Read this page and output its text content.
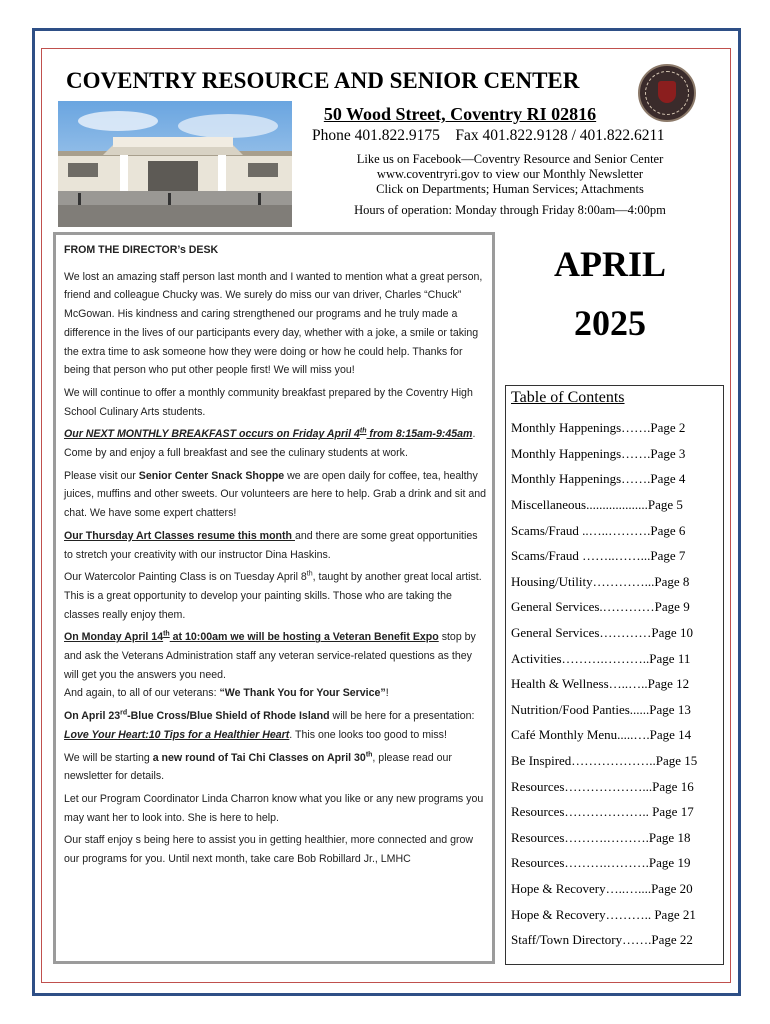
COVENTRY RESOURCE AND SENIOR CENTER
50 Wood Street, Coventry RI 02816
Phone 401.822.9175 Fax 401.822.9128 / 401.822.6211
Like us on Facebook—Coventry Resource and Senior Center
www.coventryri.gov to view our Monthly Newsletter
Click on Departments; Human Services; Attachments
Hours of operation: Monday through Friday 8:00am—4:00pm
FROM THE DIRECTOR’s DESK

We lost an amazing staff person last month and I wanted to mention what a great person, friend and colleague Chucky was. We surely do miss our van driver, Charles “Chuck” McGowan. His kindness and caring strengthened our programs and he truly made a difference in the lives of our participants every day, whether with a joke, a smile or taking the extra time to ask someone how they were doing or how he could help. Thanks for being that person who put other people first! We will miss you!

We will continue to offer a monthly community breakfast prepared by the Coventry High School Culinary Arts students.

Our NEXT MONTHLY BREAKFAST occurs on Friday April 4th from 8:15am-9:45am. Come by and enjoy a full breakfast and see the culinary students at work.

Please visit our Senior Center Snack Shoppe we are open daily for coffee, tea, healthy juices, muffins and other sweets. Our volunteers are here to help. Grab a drink and sit and chat. We have some expert chatters!

Our Thursday Art Classes resume this month and there are some great opportunities to stretch your creativity with our instructor Dina Haskins.

Our Watercolor Painting Class is on Tuesday April 8th, taught by another great local artist. This is a great opportunity to develop your painting skills. Those who are taking the classes really enjoy them.

On Monday April 14th at 10:00am we will be hosting a Veteran Benefit Expo stop by and ask the Veterans Administration staff any veteran service-related questions as they will get you the answers you need.

And again, to all of our veterans: “We Thank You for Your Service”!

On April 23rd-Blue Cross/Blue Shield of Rhode Island will be here for a presentation: Love Your Heart:10 Tips for a Healthier Heart. This one looks too good to miss!

We will be starting a new round of Tai Chi Classes on April 30th, please read our newsletter for details.

Let our Program Coordinator Linda Charron know what you like or any new programs you may want her to look into. She is here to help.

Our staff enjoy s being here to assist you in getting healthier, more connected and grow our programs for you. Until next month, take care Bob Robillard Jr., LMHC

APRIL
2025
Table of Contents
Monthly Happenings…….Page 2
Monthly Happenings…….Page 3
Monthly Happenings…….Page 4
Miscellaneous...................Page 5
Scams/Fraud ..…..……….Page 6
Scams/Fraud ……..……...Page 7
Housing/Utility…………...Page 8
General Services.…………Page 9
General Services…………Page 10
Activities……….………..Page 11
Health & Wellness…..…..Page 12
Nutrition/Food Panties......Page 13
Café Monthly Menu.....….Page 14
Be Inspired………………..Page 15
Resources………………...Page 16
Resources……………….. Page 17
Resources……….……….Page 18
Resources……….……….Page 19
Hope & Recovery…..…....Page 20
Hope & Recovery……….. Page 21
Staff/Town Directory…….Page 22
